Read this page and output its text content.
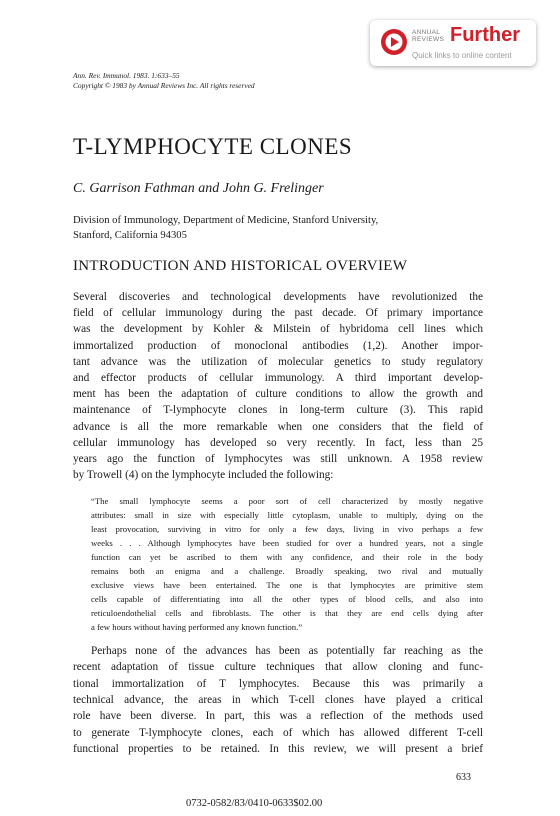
ANNUAL
REVIEWS Further
Quick links to online content
Ann. Rev. Immunol. 1983. 1:633–55
Copyright © 1983 by Annual Reviews Inc. All rights reserved
T-LYMPHOCYTE CLONES
C. Garrison Fathman and John G. Frelinger
Division of Immunology, Department of Medicine, Stanford University,
Stanford, California 94305
INTRODUCTION AND HISTORICAL OVERVIEW
Several discoveries and technological developments have revolutionized the
field of cellular immunology during the past decade. Of primary importance
was the development by Kohler & Milstein of hybridoma cell lines which
immortalized production of monoclonal antibodies (1,2). Another impor-
tant advance was the utilization of molecular genetics to study regulatory
and effector products of cellular immunology. A third important develop-
ment has been the adaptation of culture conditions to allow the growth and
maintenance of T-lymphocyte clones in long-term culture (3). This rapid
advance is all the more remarkable when one considers that the field of
cellular immunology has developed so very recently. In fact, less than 25
years ago the function of lymphocytes was still unknown. A 1958 review
by Trowell (4) on the lymphocyte included the following:
“The small lymphocyte seems a poor sort of cell characterized by mostly negative
attributes: small in size with especially little cytoplasm, unable to multiply, dying on the
least provocation, surviving in vitro for only a few days, living in vivo perhaps a few
weeks . . . Although lymphocytes have been studied for over a hundred years, not a single
function can yet be ascribed to them with any confidence, and their role in the body
remains both an enigma and a challenge. Broadly speaking, two rival and mutually
exclusive views have been entertained. The one is that lymphocytes are primitive stem
cells capable of differentiating into all the other types of blood cells, and also into
reticuloendothelial cells and fibroblasts. The other is that they are end cells dying after
a few hours without having performed any known function.”
Perhaps none of the advances has been as potentially far reaching as the
recent adaptation of tissue culture techniques that allow cloning and func-
tional immortalization of T lymphocytes. Because this was primarily a
technical advance, the areas in which T-cell clones have played a critical
role have been diverse. In part, this was a reflection of the methods used
to generate T-lymphocyte clones, each of which has allowed different T-cell
functional properties to be retained. In this review, we will present a brief
633
0732-0582/83/0410-0633$02.00
